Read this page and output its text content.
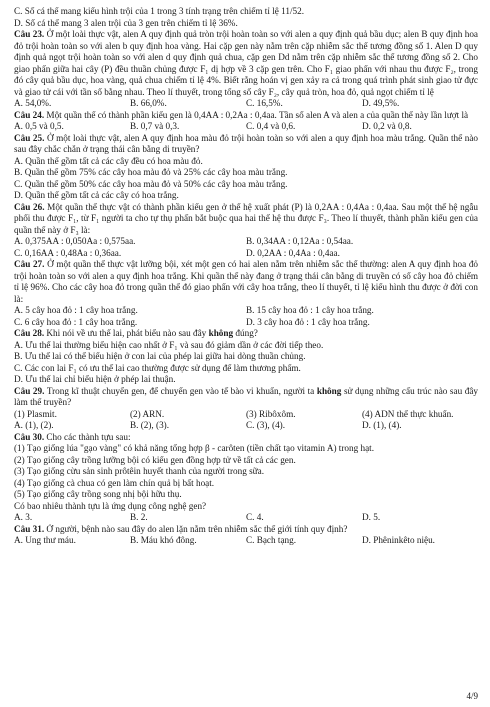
C. Số cá thể mang kiểu hình trội của 1 trong 3 tính trạng trên chiếm tỉ lệ 11/52.
D. Số cá thể mang 3 alen trội của 3 gen trên chiếm tỉ lệ 36%.
Câu 23. Ở một loài thực vật, alen A quy định quả tròn trội hoàn toàn so với alen a quy định quả bầu dục; alen B quy định hoa đỏ trội hoàn toàn so với alen b quy định hoa vàng. Hai cặp gen này nằm trên cặp nhiễm sắc thể tương đồng số 1. Alen D quy định quả ngọt trội hoàn toàn so với alen d quy định quả chua, cặp gen Dd nằm trên cặp nhiễm sắc thể tương đồng số 2. Cho giao phấn giữa hai cây (P) đều thuần chủng được F₁ dị hợp về 3 cặp gen trên. Cho F₁ giao phấn với nhau thu được F₂, trong đó cây quả bầu dục, hoa vàng, quả chua chiếm tỉ lệ 4%. Biết rằng hoán vị gen xảy ra cả trong quá trình phát sinh giao tử đực và giao tử cái với tần số bằng nhau. Theo lí thuyết, trong tổng số cây F₂, cây quả tròn, hoa đỏ, quả ngọt chiếm tỉ lệ
A. 54,0%.	B. 66,0%.	C. 16,5%.	D. 49,5%.
Câu 24. Một quần thể có thành phần kiểu gen là 0,4AA : 0,2Aa : 0,4aa. Tần số alen A và alen a của quần thể này lần lượt là
A. 0,5 và 0,5.	B. 0,7 và 0,3.	C. 0,4 và 0,6.	D. 0,2 và 0,8.
Câu 25. Ở một loài thực vật, alen A quy định hoa màu đỏ trội hoàn toàn so với alen a quy định hoa màu trắng. Quần thể nào sau đây chắc chắn ở trạng thái cân bằng di truyền?
A. Quần thể gồm tất cả các cây đều có hoa màu đỏ.
B. Quần thể gồm 75% các cây hoa màu đỏ và 25% các cây hoa màu trắng.
C. Quần thể gồm 50% các cây hoa màu đỏ và 50% các cây hoa màu trắng.
D. Quần thể gồm tất cả các cây có hoa trắng.
Câu 26. Một quần thể thực vật có thành phần kiểu gen ở thế hệ xuất phát (P) là 0,2AA : 0,4Aa : 0,4aa. Sau một thế hệ ngẫu phối thu được F₁, từ F₁ người ta cho tự thụ phấn bắt buộc qua hai thế hệ thu được F₃. Theo lí thuyết, thành phần kiểu gen của quần thể này ở F₃ là:
A. 0,375AA : 0,050Aa : 0,575aa.	B. 0,34AA : 0,12Aa : 0,54aa.
C. 0,16AA : 0,48Aa : 0,36aa.	D. 0,2AA : 0,4Aa : 0,4aa.
Câu 27. Ở một quần thể thực vật lưỡng bội, xét một gen có hai alen nằm trên nhiễm sắc thể thường: alen A quy định hoa đỏ trội hoàn toàn so với alen a quy định hoa trắng. Khi quần thể này đang ở trạng thái cân bằng di truyền có số cây hoa đỏ chiếm tỉ lệ 96%. Cho các cây hoa đỏ trong quần thể đó giao phấn với cây hoa trắng, theo lí thuyết, tỉ lệ kiểu hình thu được ở đời con là:
A. 5 cây hoa đỏ : 1 cây hoa trắng.	B. 15 cây hoa đỏ : 1 cây hoa trắng.
C. 6 cây hoa đỏ : 1 cây hoa trắng.	D. 3 cây hoa đỏ : 1 cây hoa trắng.
Câu 28. Khi nói về ưu thế lai, phát biểu nào sau đây không đúng?
A. Ưu thế lai thường biểu hiện cao nhất ở F₁ và sau đó giảm dần ở các đời tiếp theo.
B. Ưu thế lai có thể biểu hiện ở con lai của phép lai giữa hai dòng thuần chủng.
C. Các con lai F₁ có ưu thế lai cao thường được sử dụng để làm thương phẩm.
D. Ưu thế lai chỉ biểu hiện ở phép lai thuận.
Câu 29. Trong kĩ thuật chuyển gen, để chuyển gen vào tế bào vi khuẩn, người ta không sử dụng những cấu trúc nào sau đây làm thể truyền?
(1) Plasmit.	(2) ARN.	(3) Ribôxôm.	(4) ADN thể thực khuẩn.
A. (1), (2).	B. (2), (3).	C. (3), (4).	D. (1), (4).
Câu 30. Cho các thành tựu sau:
(1) Tạo giống lúa "gạo vàng" có khả năng tổng hợp β - carôten (tiền chất tạo vitamin A) trong hạt.
(2) Tạo giống cây trồng lưỡng bội có kiểu gen đồng hợp tử về tất cả các gen.
(3) Tạo giống cừu sản sinh prôtêin huyết thanh của người trong sữa.
(4) Tạo giống cà chua có gen làm chín quả bị bất hoạt.
(5) Tạo giống cây trồng song nhị bội hữu thụ.
Có bao nhiêu thành tựu là ứng dụng công nghệ gen?
A. 3.	B. 2.	C. 4.	D. 5.
Câu 31. Ở người, bệnh nào sau đây do alen lặn nằm trên nhiễm sắc thể giới tính quy định?
A. Ung thư máu.	B. Máu khó đông.	C. Bạch tạng.	D. Phêninkêto niệu.
4/9
